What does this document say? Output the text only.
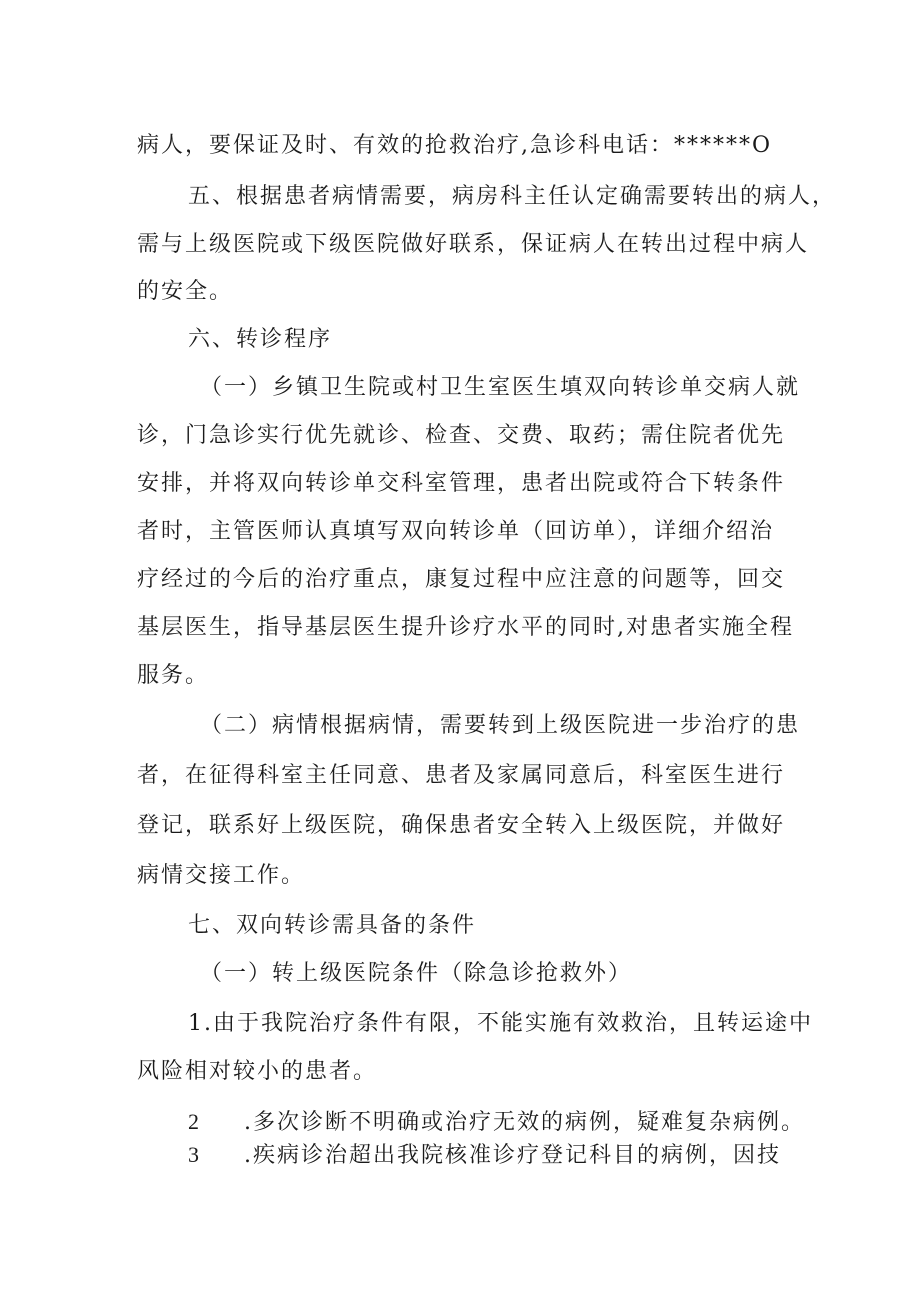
病人，要保证及时、有效的抢救治疗,急诊科电话：******O
五、根据患者病情需要，病房科主任认定确需要转出的病人，
需与上级医院或下级医院做好联系，保证病人在转出过程中病人
的安全。
六、转诊程序
（一）乡镇卫生院或村卫生室医生填双向转诊单交病人就
诊，门急诊实行优先就诊、检查、交费、取药；需住院者优先
安排，并将双向转诊单交科室管理，患者出院或符合下转条件
者时，主管医师认真填写双向转诊单（回访单），详细介绍治
疗经过的今后的治疗重点，康复过程中应注意的问题等，回交
基层医生，指导基层医生提升诊疗水平的同时,对患者实施全程
服务。
（二）病情根据病情，需要转到上级医院进一步治疗的患
者，在征得科室主任同意、患者及家属同意后，科室医生进行
登记，联系好上级医院，确保患者安全转入上级医院，并做好
病情交接工作。
七、双向转诊需具备的条件
（一）转上级医院条件（除急诊抢救外）
1.由于我院治疗条件有限，不能实施有效救治，且转运途中
风险相对较小的患者。
2 .多次诊断不明确或治疗无效的病例，疑难复杂病例。
3 .疾病诊治超出我院核准诊疗登记科目的病例，因技
